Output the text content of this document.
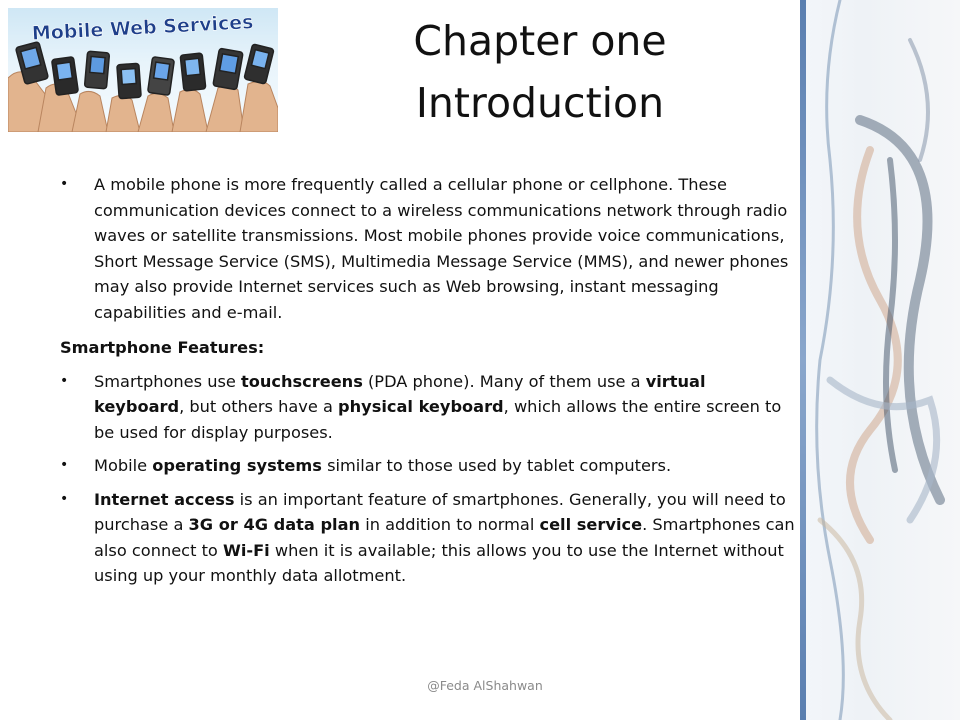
Mobile Web Services	Chapter one
Introduction
•	A mobile phone is more frequently called a cellular phone or cellphone. These communication devices connect to a wireless communications network through radio waves or satellite transmissions. Most mobile phones provide voice communications, Short Message Service (SMS), Multimedia Message Service (MMS), and newer phones may also provide Internet services such as Web browsing, instant messaging capabilities and e-mail.
Smartphone Features:
•	Smartphones use touchscreens (PDA phone). Many of them use a virtual keyboard, but others have a physical keyboard, which allows the entire screen to be used for display purposes.
•	Mobile operating systems similar to those used by tablet computers.
•	Internet access is an important feature of smartphones. Generally, you will need to purchase a 3G or 4G data plan in addition to normal cell service. Smartphones can also connect to Wi-Fi when it is available; this allows you to use the Internet without using up your monthly data allotment.
@Feda AlShahwan
